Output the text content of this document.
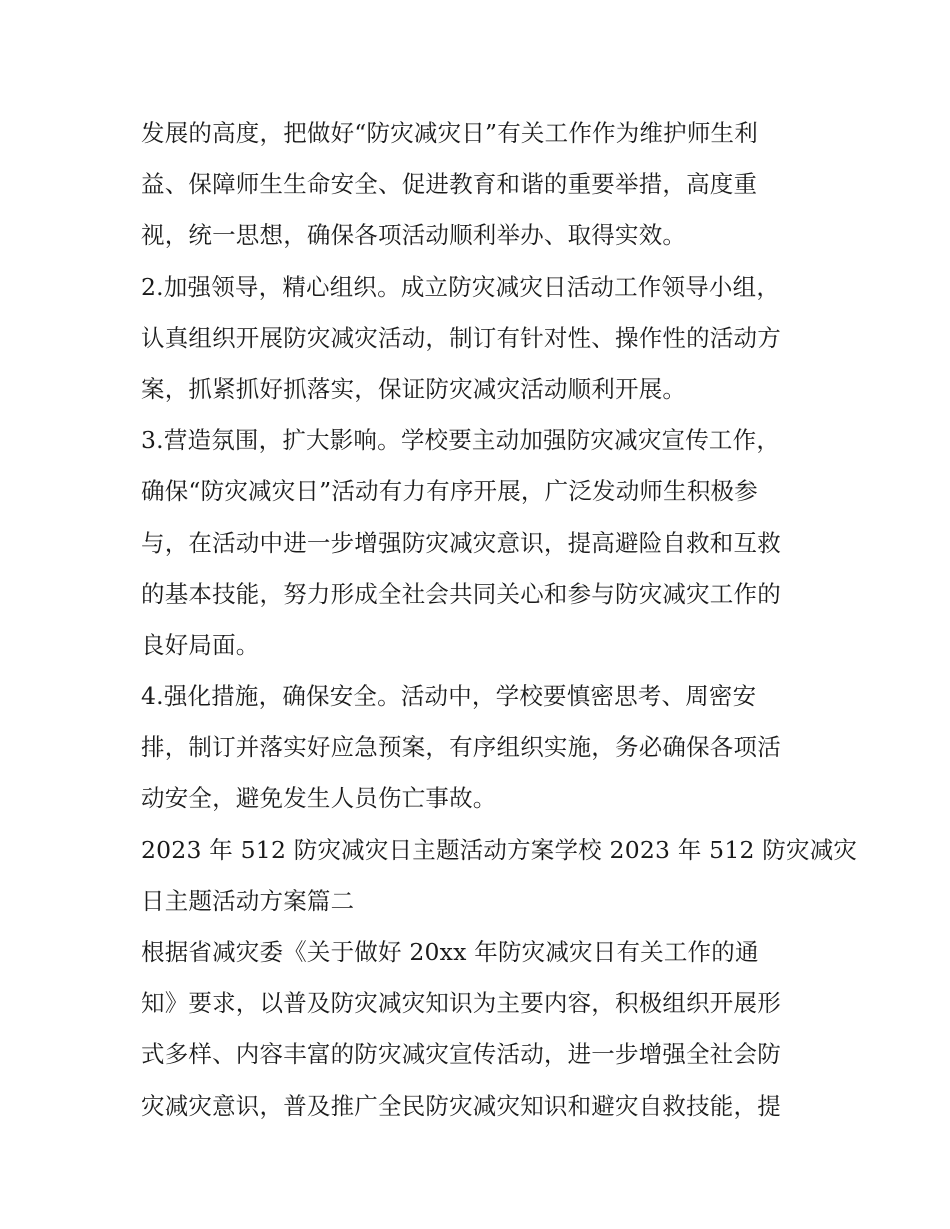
发展的高度，把做好“防灾减灾日”有关工作作为维护师生利
益、保障师生生命安全、促进教育和谐的重要举措，高度重
视，统一思想，确保各项活动顺利举办、取得实效。
2.加强领导，精心组织。成立防灾减灾日活动工作领导小组，
认真组织开展防灾减灾活动，制订有针对性、操作性的活动方
案，抓紧抓好抓落实，保证防灾减灾活动顺利开展。
3.营造氛围，扩大影响。学校要主动加强防灾减灾宣传工作，
确保“防灾减灾日”活动有力有序开展，广泛发动师生积极参
与，在活动中进一步增强防灾减灾意识，提高避险自救和互救
的基本技能，努力形成全社会共同关心和参与防灾减灾工作的
良好局面。
4.强化措施，确保安全。活动中，学校要慎密思考、周密安
排，制订并落实好应急预案，有序组织实施，务必确保各项活
动安全，避免发生人员伤亡事故。
2023 年 512 防灾减灾日主题活动方案学校 2023 年 512 防灾减灾
日主题活动方案篇二
根据省减灾委《关于做好 20xx 年防灾减灾日有关工作的通
知》要求，以普及防灾减灾知识为主要内容，积极组织开展形
式多样、内容丰富的防灾减灾宣传活动，进一步增强全社会防
灾减灾意识，普及推广全民防灾减灾知识和避灾自救技能，提
